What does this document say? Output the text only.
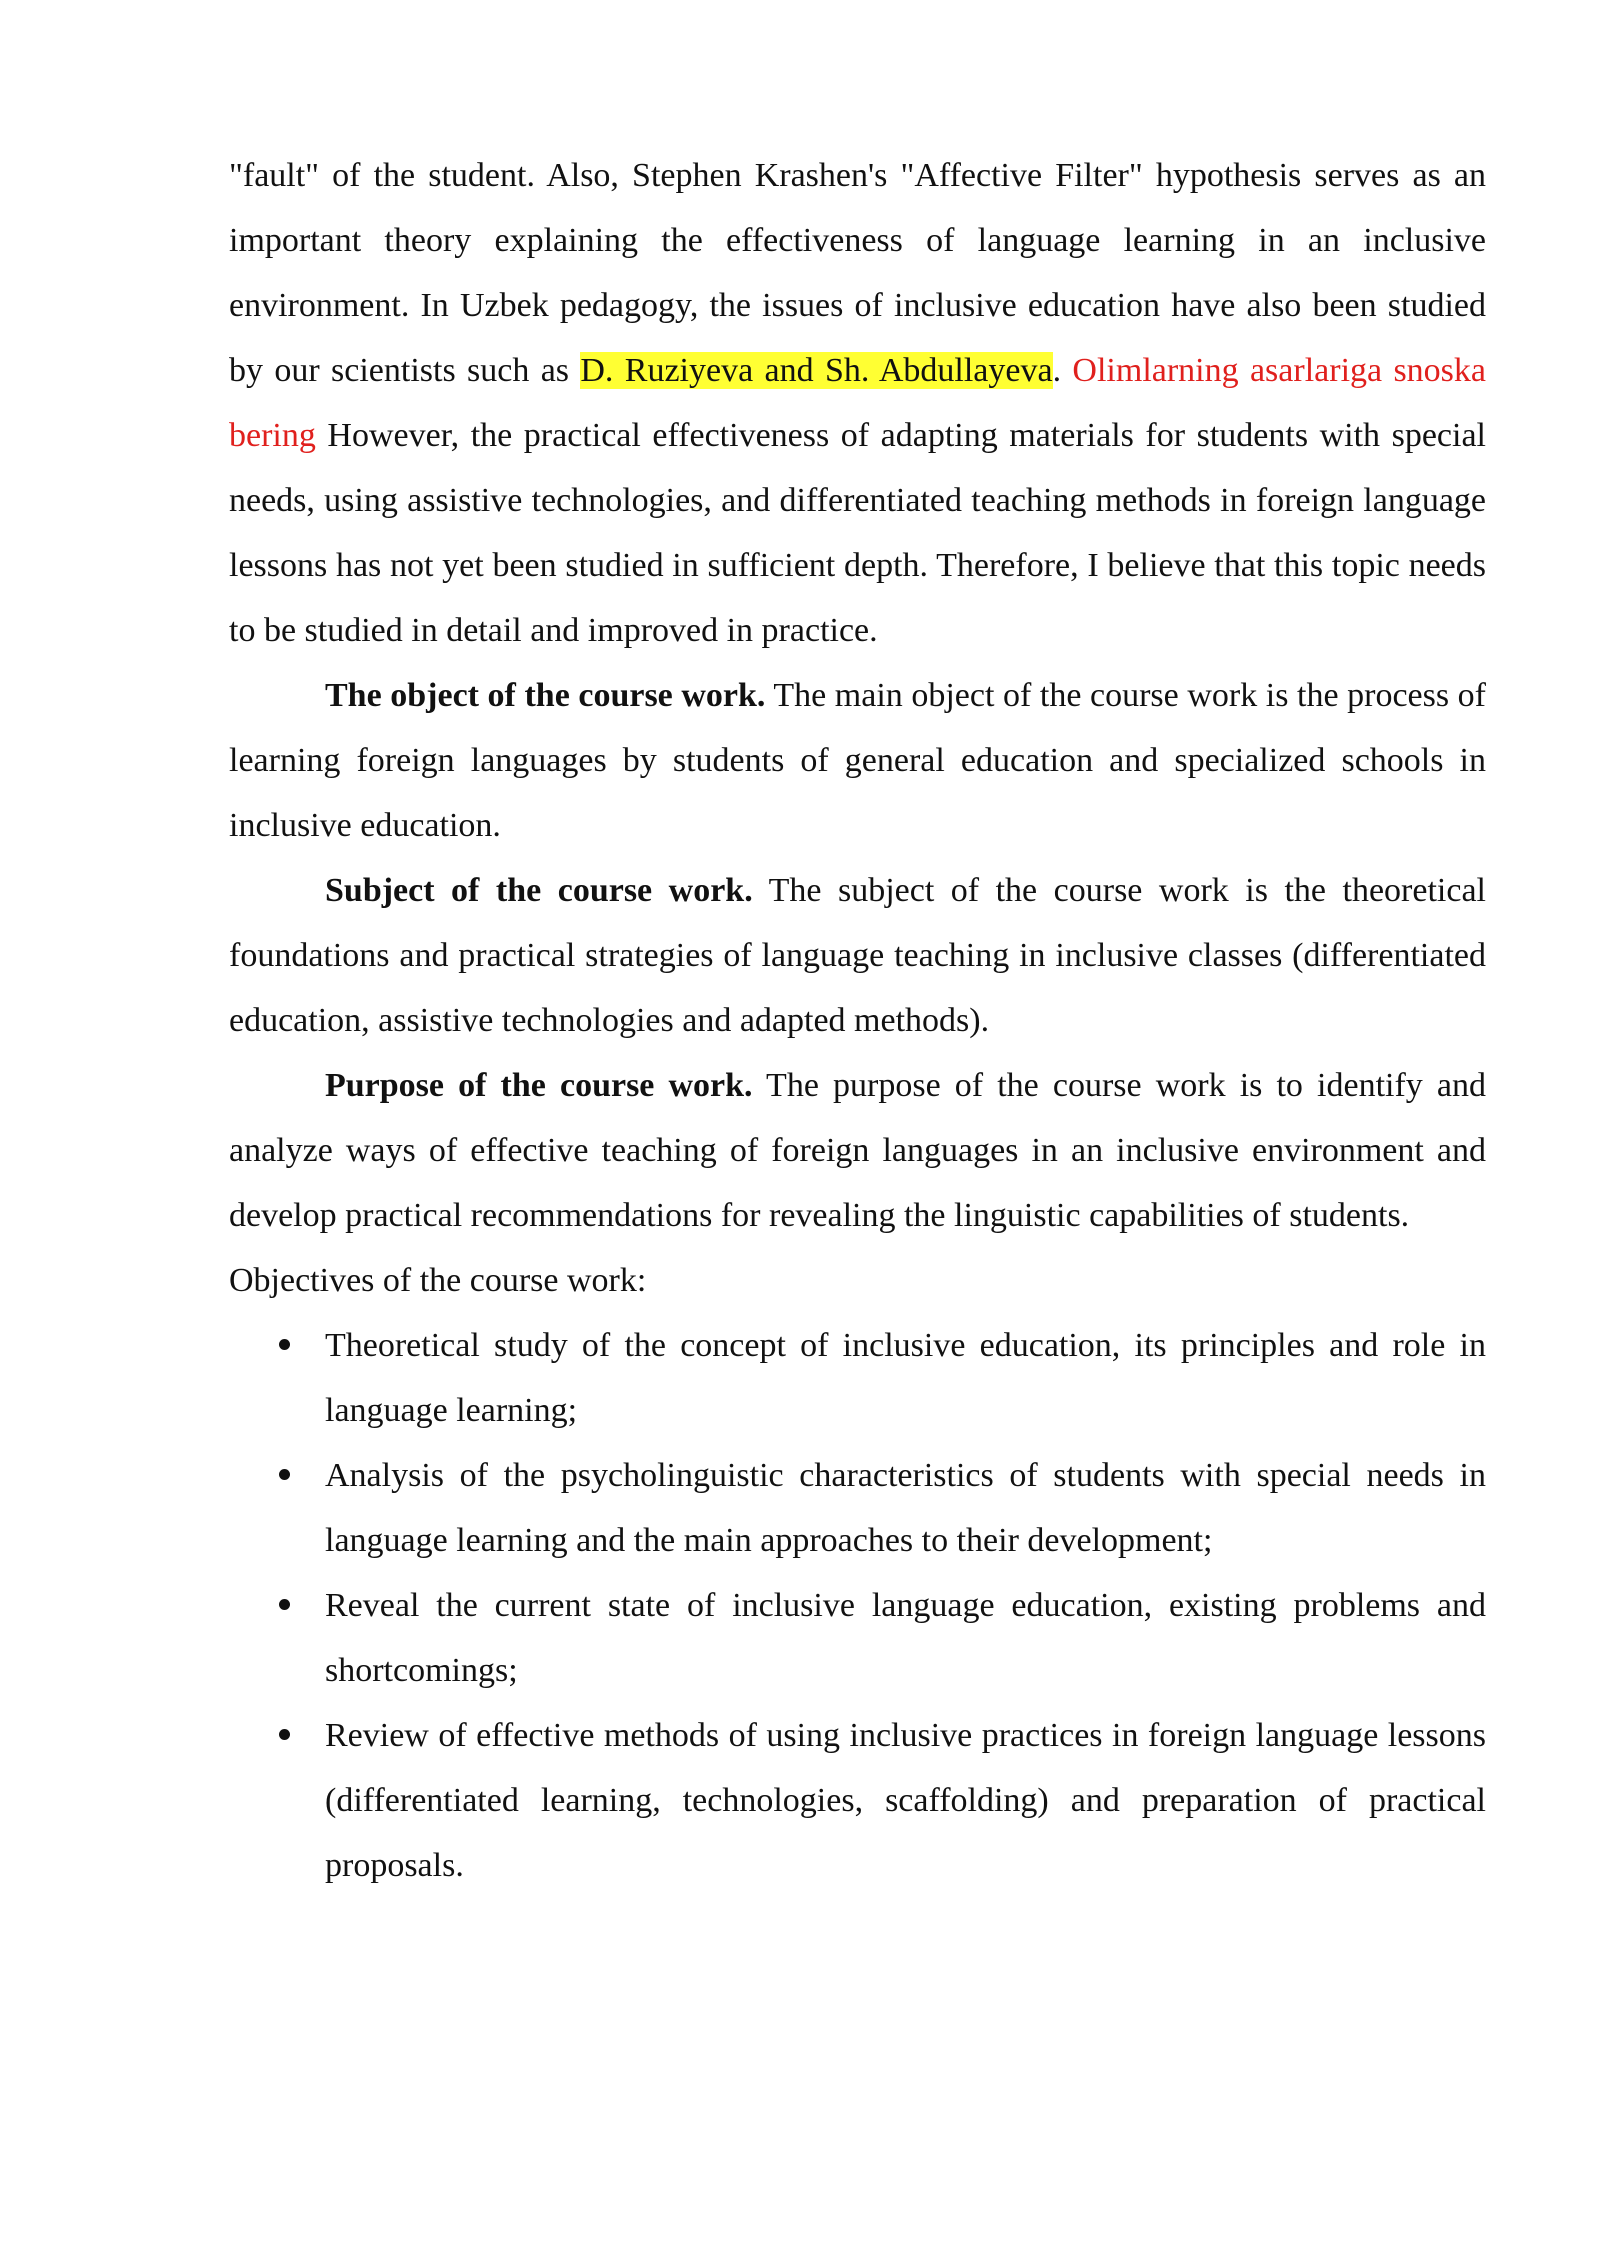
"fault" of the student. Also, Stephen Krashen's "Affective Filter" hypothesis serves as an important theory explaining the effectiveness of language learning in an inclusive environment. In Uzbek pedagogy, the issues of inclusive education have also been studied by our scientists such as D. Ruziyeva and Sh. Abdullayeva. Olimlarning asarlariga snoska bering However, the practical effectiveness of adapting materials for students with special needs, using assistive technologies, and differentiated teaching methods in foreign language lessons has not yet been studied in sufficient depth. Therefore, I believe that this topic needs to be studied in detail and improved in practice.

The object of the course work. The main object of the course work is the process of learning foreign languages by students of general education and specialized schools in inclusive education.

Subject of the course work. The subject of the course work is the theoretical foundations and practical strategies of language teaching in inclusive classes (differentiated education, assistive technologies and adapted methods).

Purpose of the course work. The purpose of the course work is to identify and analyze ways of effective teaching of foreign languages in an inclusive environment and develop practical recommendations for revealing the linguistic capabilities of students.

Objectives of the course work:

Theoretical study of the concept of inclusive education, its principles and role in language learning;
Analysis of the psycholinguistic characteristics of students with special needs in language learning and the main approaches to their development;
Reveal the current state of inclusive language education, existing problems and shortcomings;
Review of effective methods of using inclusive practices in foreign language lessons (differentiated learning, technologies, scaffolding) and preparation of practical proposals.
